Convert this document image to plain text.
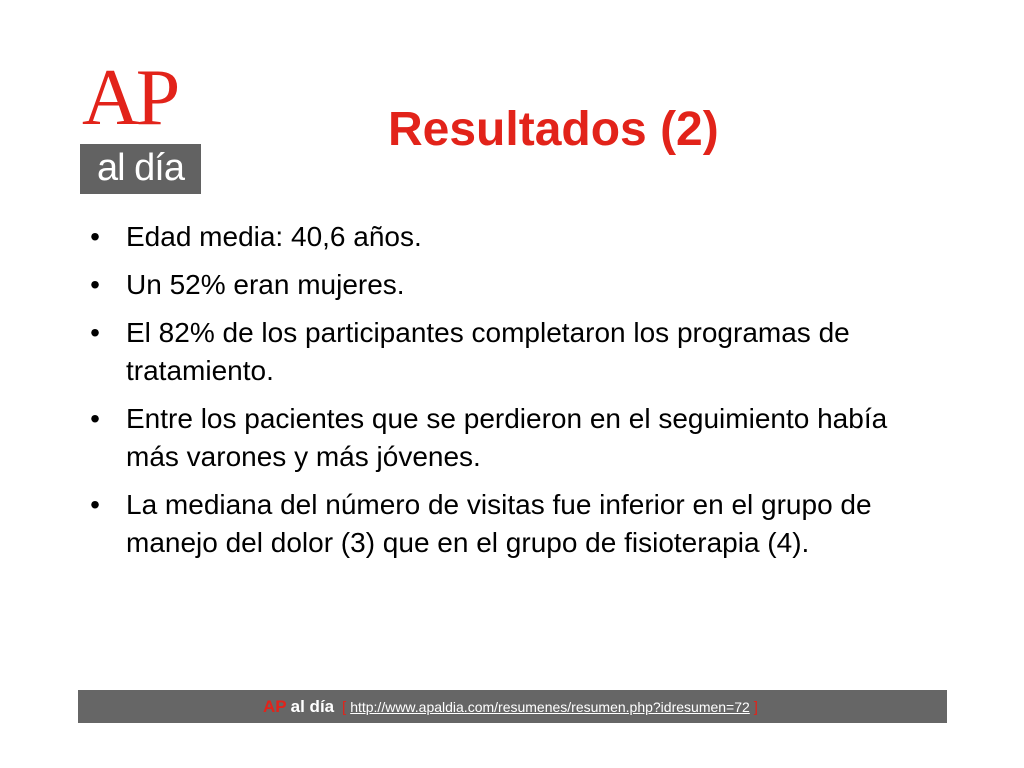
AP
al día
Resultados (2)
• Edad media: 40,6 años.
• Un 52% eran mujeres.
• El 82% de los participantes completaron los programas de tratamiento.
• Entre los pacientes que se perdieron en el seguimiento había más varones y más jóvenes.
• La mediana del número de visitas fue inferior en el grupo de manejo del dolor (3) que en el grupo de fisioterapia (4).
AP al día [ http://www.apaldia.com/resumenes/resumen.php?idresumen=72 ]
